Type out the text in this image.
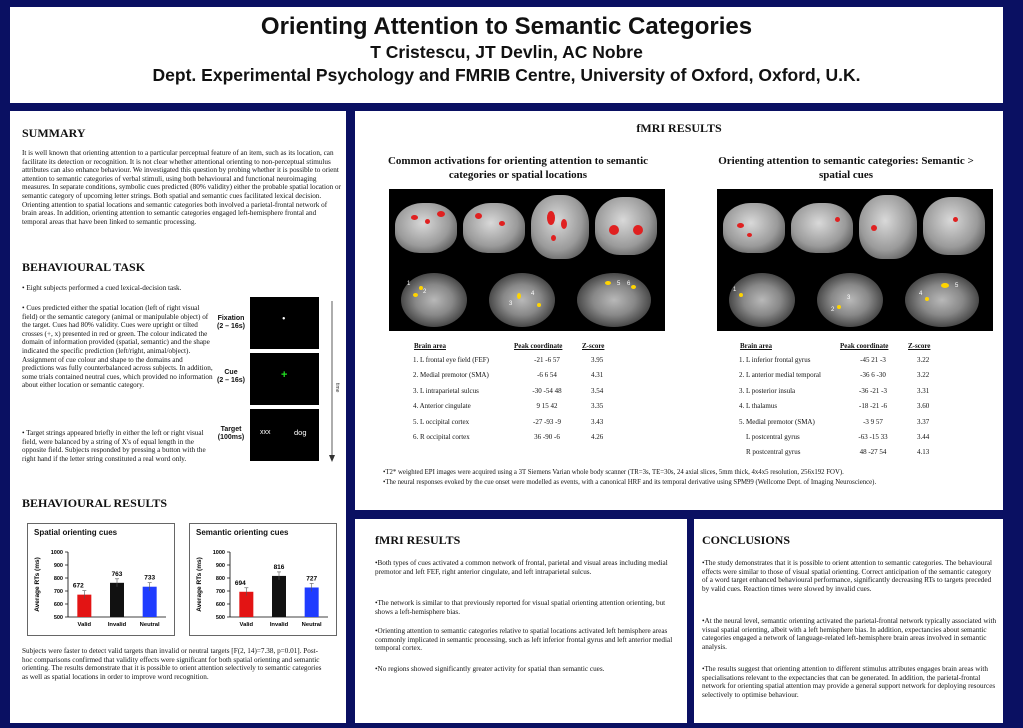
Orienting Attention to Semantic Categories
T Cristescu, JT Devlin, AC Nobre
Dept. Experimental Psychology and FMRIB Centre, University of Oxford, Oxford, U.K.
SUMMARY
It is well known that orienting attention to a particular perceptual feature of an item, such as its location, can facilitate its detection or recognition. It is not clear whether attentional orienting to non-perceptual stimulus attributes can also enhance behaviour. We investigated this question by probing whether it is possible to orient attention to semantic categories of verbal stimuli, using both behavioural and functional neuroimaging measures. In separate conditions, symbolic cues predicted (80% validity) either the probable spatial location or semantic category of upcoming letter strings. Both spatial and semantic cues facilitated lexical decision. Orienting attention to spatial locations and semantic categories both involved a parietal-frontal network of brain areas. In addition, orienting attention to semantic categories engaged left-hemisphere frontal and temporal areas that have been linked to semantic processing.
BEHAVIOURAL TASK
• Eight subjects performed a cued lexical-decision task.
• Cues predicted either the spatial location (left of right visual field) or the semantic category (animal or manipulable object) of the target. Cues had 80% validity. Cues were upright or tilted crosses (+, x) presented in red or green. The colour indicated the domain of information provided (spatial, semantic) and the shape indicated the specific prediction (left/right, animal/object). Assignment of cue colour and shape to the domains and predictions was fully counterbalanced across subjects. In addition, some trials contained neutral cues, which provided no information about either location or semantic category.
• Target strings appeared briefly in either the left or right visual field, were balanced by a string of X's of equal length in the opposite field. Subjects responded by pressing a button with the right hand if the letter string constituted a real word only.
Fixation
(2 – 16s)
•
Cue
(2 – 16s)	+
Target
(100ms)
xxx	dog
time
BEHAVIOURAL RESULTS
Spatial orienting cues
Average RTs (ms)
500
600
700
800
900
1000
672
Valid
763
Invalid
733
Neutral
Semantic orienting cues
Average RTs (ms)
500
600
700
800
900
1000
694
Valid
816
Invalid
727
Neutral
Subjects were faster to detect valid targets than invalid or neutral targets [F(2, 14)=7.38, p=0.01]. Post-hoc comparisons confirmed that validity effects were significant for both spatial orienting and semantic orienting. The results demonstrate that it is possible to orient attention selectively to semantic categories as well as spatial locations in order to improve word recognition.
fMRI RESULTS
Common activations for orienting attention to semantic categories or spatial locations
Orienting attention to semantic categories: Semantic > spatial cues
1
2	4
3
5 6
1
2
3
4
5
Brain area	Peak coordinate	Z-score
1. L frontal eye field (FEF)	-21 -6 57	3.95
2. Medial premotor (SMA)	-6 6 54	4.31
3. L intraparietal sulcus	-30 -54 48	3.54
4. Anterior cingulate	9 15 42	3.35
5. L occipital cortex	-27 -93 -9	3.43
6. R occipital cortex	36 -90 -6	4.26
Brain area	Peak coordinate	Z-score
1. L inferior frontal gyrus	-45 21 -3	3.22
2. L anterior medial temporal	-36 6 -30	3.22
3. L posterior insula	-36 -21 -3	3.31
4. L thalamus	-18 -21 -6	3.60
5. Medial premotor (SMA)	-3 9 57	3.37
L postcentral gyrus	-63 -15 33	3.44
R postcentral gyrus	48 -27 54	4.13
•T2* weighted EPI images were acquired using a 3T Siemens Varian whole body scanner (TR=3s, TE=30s, 24 axial slices, 5mm thick, 4x4x5 resolution, 256x192 FOV).
•The neural responses evoked by the cue onset were modelled as events, with a canonical HRF and its temporal derivative using SPM99 (Wellcome Dept. of Imaging Neuroscience).
fMRI RESULTS
•Both types of cues activated a common network of frontal, parietal and visual areas including medial premotor and left FEF, right anterior cingulate, and left intraparietal sulcus.
•The network is similar to that previously reported for visual spatial orienting attention orienting, but shows a left-hemisphere bias.
•Orienting attention to semantic categories relative to spatial locations activated left hemisphere areas commonly implicated in semantic processing, such as left inferior frontal gyrus and left anterior medial temporal cortex.
•No regions showed significantly greater activity for spatial than semantic cues.
CONCLUSIONS
•The study demonstrates that it is possible to orient attention to semantic categories. The behavioural effects were similar to those of visual spatial orienting. Correct anticipation of the semantic category of a word target enhanced behavioural performance, significantly decreasing RTs to targets preceded by valid cues. Reaction times were slowed by invalid cues.
•At the neural level, semantic orienting activated the parietal-frontal network typically associated with visual spatial orienting, albeit with a left hemisphere bias. In addition, expectancies about semantic categories engaged a network of language-related left-hemisphere brain areas involved in semantic analysis.
•The results suggest that orienting attention to different stimulus attributes engages brain areas with specialisations relevant to the expectancies that can be generated. In addition, the parietal-frontal network for orienting spatial attention may provide a general support network for deploying resources selectively to optimise behaviour.
